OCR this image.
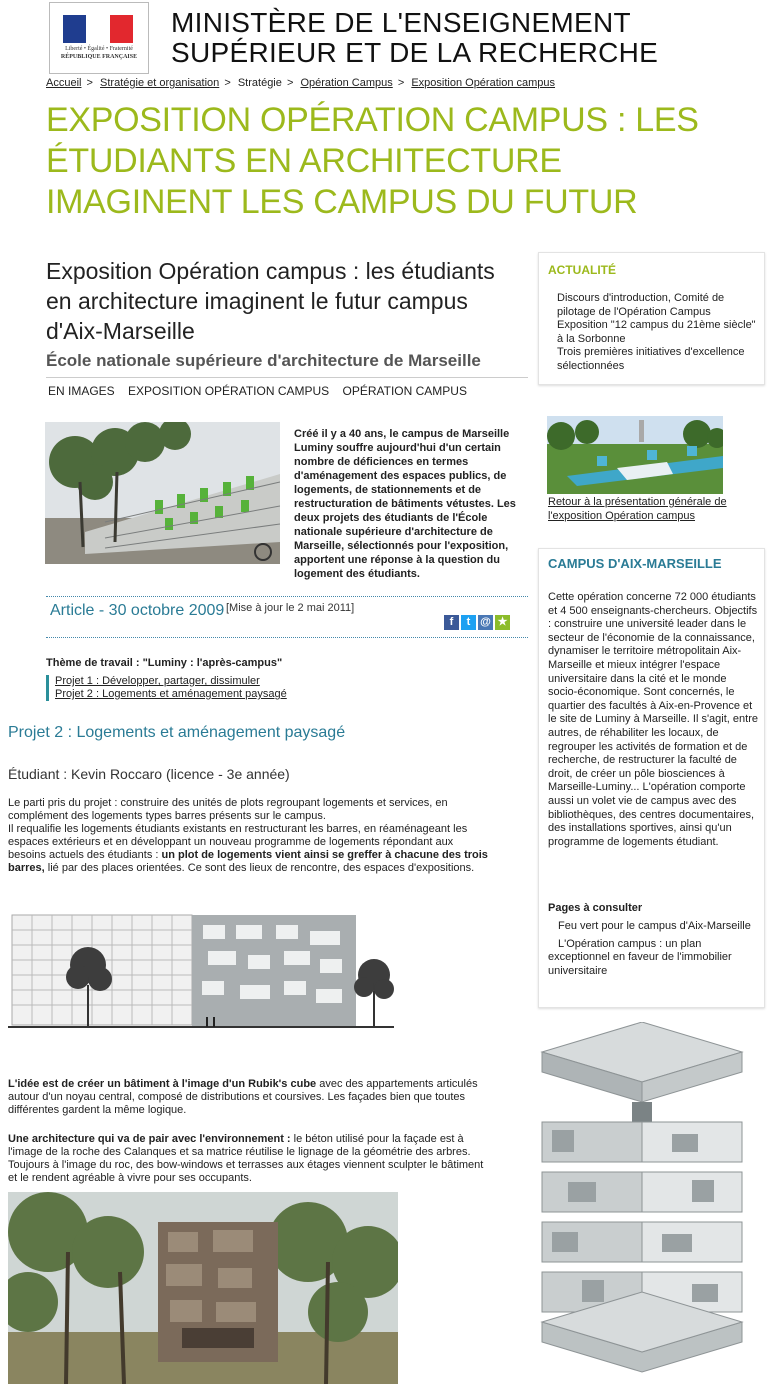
Liberté • Égalité • Fraternité
RÉPUBLIQUE FRANÇAISE
MINISTÈRE DE L'ENSEIGNEMENT
SUPÉRIEUR ET DE LA RECHERCHE
Accueil > Stratégie et organisation > Stratégie > Opération Campus > Exposition Opération campus
EXPOSITION OPÉRATION CAMPUS : LES ÉTUDIANTS EN ARCHITECTURE IMAGINENT LES CAMPUS DU FUTUR
Exposition Opération campus : les étudiants en architecture imaginent le futur campus d'Aix-Marseille
École nationale supérieure d'architecture de Marseille
EN IMAGES EXPOSITION OPÉRATION CAMPUS OPÉRATION CAMPUS
Créé il y a 40 ans, le campus de Marseille Luminy souffre aujourd'hui d'un certain nombre de déficiences en termes d'aménagement des espaces publics, de logements, de stationnements et de restructuration de bâtiments vétustes. Les deux projets des étudiants de l'École nationale supérieure d'architecture de Marseille, sélectionnés pour l'exposition, apportent une réponse à la question du logement des étudiants.
Article - 30 octobre 2009 [Mise à jour le 2 mai 2011]
f	t @ ★
Thème de travail : "Luminy : l'après-campus"
Projet 1 : Développer, partager, dissimuler
Projet 2 : Logements et aménagement paysagé
Projet 2 : Logements et aménagement paysagé
Étudiant : Kevin Roccaro (licence - 3e année)
Le parti pris du projet : construire des unités de plots regroupant logements et services, en complément des logements types barres présents sur le campus.
Il requalifie les logements étudiants existants en restructurant les barres, en réaménageant les espaces extérieurs et en développant un nouveau programme de logements répondant aux besoins actuels des étudiants : un plot de logements vient ainsi se greffer à chacune des trois barres, lié par des places orientées. Ce sont des lieux de rencontre, des espaces d'expositions.
L'idée est de créer un bâtiment à l'image d'un Rubik's cube avec des appartements articulés autour d'un noyau central, composé de distributions et coursives. Les façades bien que toutes différentes gardent la même logique.
Une architecture qui va de pair avec l'environnement : le béton utilisé pour la façade est à l'image de la roche des Calanques et sa matrice réutilise le lignage de la géométrie des arbres. Toujours à l'image du roc, des bow-windows et terrasses aux étages viennent sculpter le bâtiment et le rendent agréable à vivre pour ses occupants.
ACTUALITÉ
Discours d'introduction, Comité de pilotage de l'Opération Campus
Exposition "12 campus du 21ème siècle" à la Sorbonne
Trois premières initiatives d'excellence sélectionnées
Retour à la présentation générale de l'exposition Opération campus
CAMPUS D'AIX-MARSEILLE
Cette opération concerne 72 000 étudiants et 4 500 enseignants-chercheurs. Objectifs : construire une université leader dans le secteur de l'économie de la connaissance, dynamiser le territoire métropolitain Aix-Marseille et mieux intégrer l'espace universitaire dans la cité et le monde socio-économique. Sont concernés, le quartier des facultés à Aix-en-Provence et le site de Luminy à Marseille. Il s'agit, entre autres, de réhabiliter les locaux, de regrouper les activités de formation et de recherche, de restructurer la faculté de droit, de créer un pôle biosciences à Marseille-Luminy... L'opération comporte aussi un volet vie de campus avec des bibliothèques, des centres documentaires, des installations sportives, ainsi qu'un programme de logements étudiant.
Pages à consulter
Feu vert pour le campus d'Aix-Marseille
L'Opération campus : un plan exceptionnel en faveur de l'immobilier universitaire
